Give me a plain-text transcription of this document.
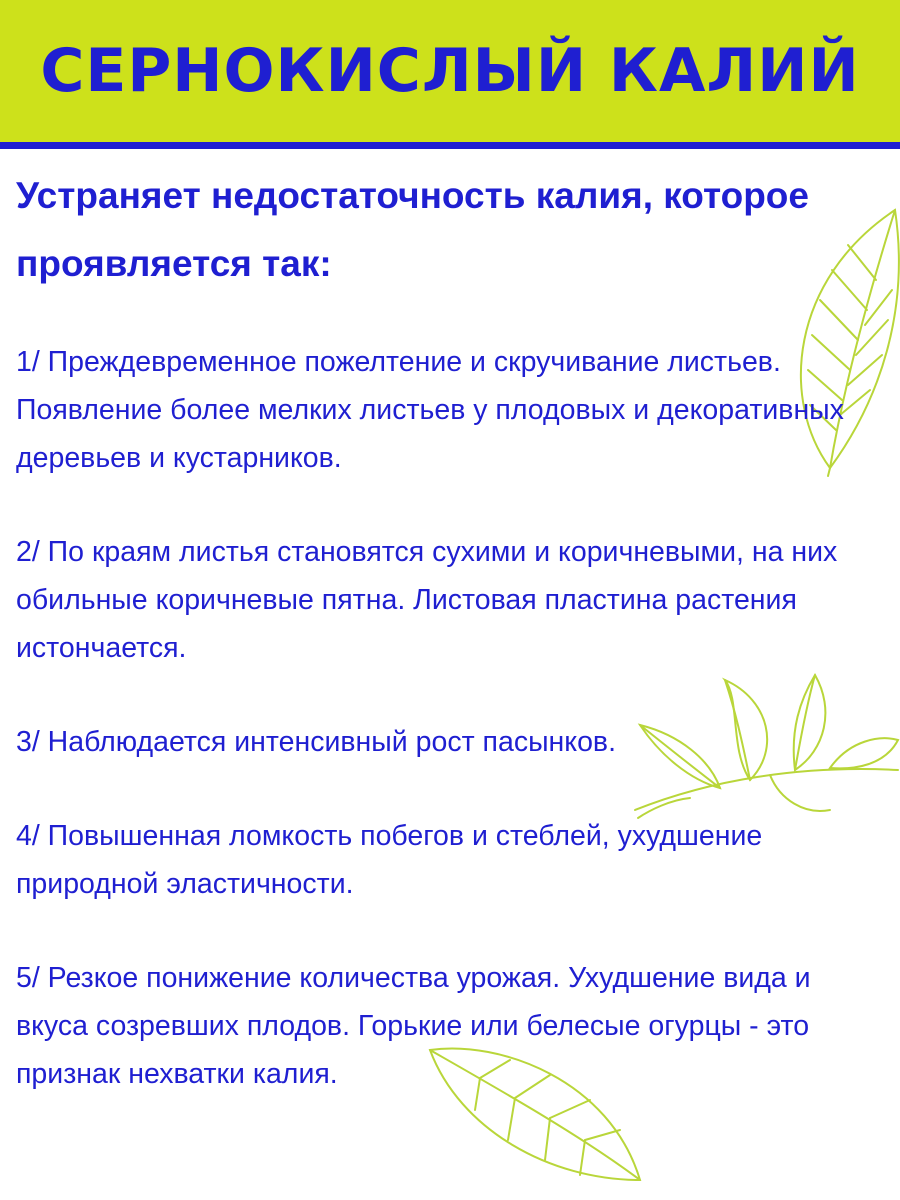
СЕРНОКИСЛЫЙ КАЛИЙ
Устраняет недостаточность калия, которое проявляется так:
1/ Преждевременное пожелтение и скручивание листьев. Появление более мелких листьев у плодовых и декоративных деревьев и кустарников.
2/ По краям листья становятся сухими и коричневыми, на них обильные коричневые пятна. Листовая пластина растения истончается.
3/ Наблюдается интенсивный рост пасынков.
4/ Повышенная ломкость побегов и стеблей, ухудшение природной эластичности.
5/ Резкое понижение количества урожая. Ухудшение вида и вкуса созревших плодов. Горькие или белесые огурцы - это признак нехватки калия.
